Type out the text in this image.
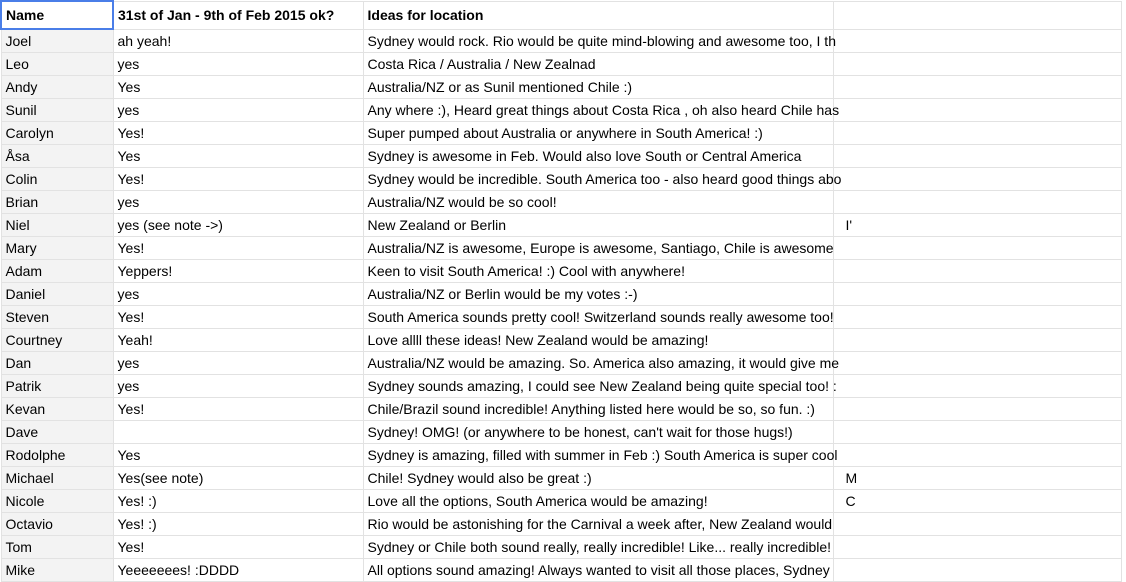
Name	31st of Jan - 9th of Feb 2015 ok?	Ideas for location	
Joel	ah yeah!	Sydney would rock. Rio would be quite mind-blowing and awesome too, I th	
Leo	yes	Costa Rica / Australia / New Zealnad	
Andy	Yes	Australia/NZ or as Sunil mentioned Chile :)	
Sunil	yes	Any where :), Heard great things about Costa Rica , oh also heard Chile has	
Carolyn	Yes!	Super pumped about Australia or anywhere in South America! :)	
Åsa	Yes	Sydney is awesome in Feb. Would also love South or Central America	
Colin	Yes!	Sydney would be incredible. South America too - also heard good things abo	
Brian	yes	Australia/NZ would be so cool!	
Niel	yes (see note ->)	New Zealand or Berlin	I'
Mary	Yes!	Australia/NZ is awesome, Europe is awesome, Santiago, Chile is awesome	
Adam	Yeppers!	Keen to visit South America! :) Cool with anywhere!	
Daniel	yes	Australia/NZ or Berlin would be my votes :-)	
Steven	Yes!	South America sounds pretty cool! Switzerland sounds really awesome too!	
Courtney	Yeah!	Love allll these ideas! New Zealand would be amazing!	
Dan	yes	Australia/NZ would be amazing. So. America also amazing, it would give me	
Patrik	yes	Sydney sounds amazing, I could see New Zealand being quite special too! :	
Kevan	Yes!	Chile/Brazil sound incredible! Anything listed here would be so, so fun. :)	
Dave		Sydney! OMG! (or anywhere to be honest, can't wait for those hugs!)	
Rodolphe	Yes	Sydney is amazing, filled with summer in Feb :) South America is super cool	
Michael	Yes(see note)	Chile! Sydney would also be great :)	M
Nicole	Yes! :)	Love all the options, South America would be amazing!	C
Octavio	Yes! :)	Rio would be astonishing for the Carnival a week after, New Zealand would	
Tom	Yes!	Sydney or Chile both sound really, really incredible! Like... really incredible!	
Mike	Yeeeeeees! :DDDD	All options sound amazing! Always wanted to visit all those places, Sydney	
